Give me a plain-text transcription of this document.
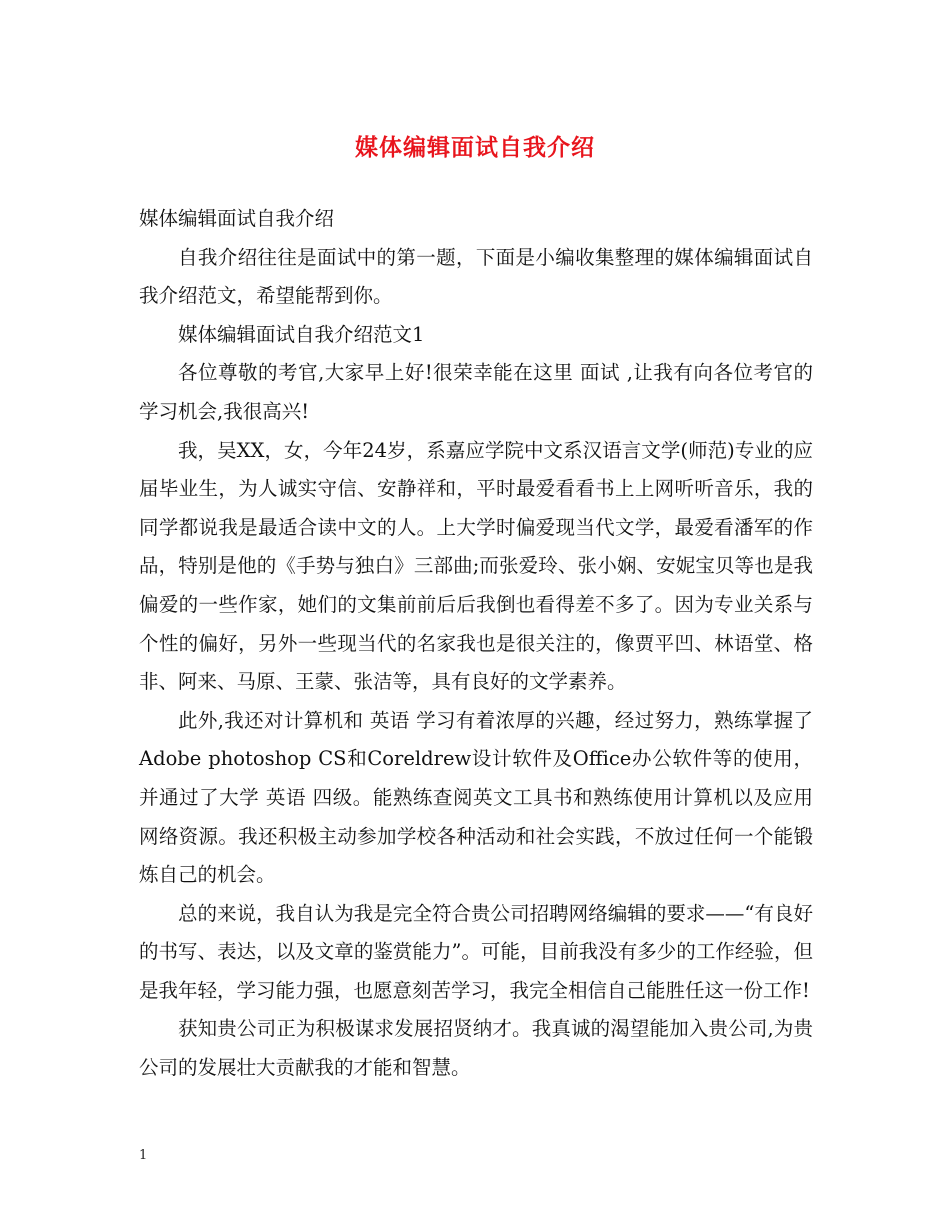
媒体编辑面试自我介绍

媒体编辑面试自我介绍

自我介绍往往是面试中的第一题，下面是小编收集整理的媒体编辑面试自我介绍范文，希望能帮到你。

媒体编辑面试自我介绍范文1

各位尊敬的考官,大家早上好!很荣幸能在这里 面试 ,让我有向各位考官的学习机会,我很高兴!

我，吴XX，女，今年24岁，系嘉应学院中文系汉语言文学(师范)专业的应届毕业生，为人诚实守信、安静祥和，平时最爱看看书上上网听听音乐，我的同学都说我是最适合读中文的人。上大学时偏爱现当代文学，最爱看潘军的作品，特别是他的《手势与独白》三部曲;而张爱玲、张小娴、安妮宝贝等也是我偏爱的一些作家，她们的文集前前后后我倒也看得差不多了。因为专业关系与个性的偏好，另外一些现当代的名家我也是很关注的，像贾平凹、林语堂、格非、阿来、马原、王蒙、张洁等，具有良好的文学素养。

此外,我还对计算机和 英语 学习有着浓厚的兴趣，经过努力，熟练掌握了Adobe photoshop CS和Coreldrew设计软件及Office办公软件等的使用，并通过了大学 英语 四级。能熟练查阅英文工具书和熟练使用计算机以及应用网络资源。我还积极主动参加学校各种活动和社会实践，不放过任何一个能锻炼自己的机会。

总的来说，我自认为我是完全符合贵公司招聘网络编辑的要求——“有良好的书写、表达，以及文章的鉴赏能力”。可能，目前我没有多少的工作经验，但是我年轻，学习能力强，也愿意刻苦学习，我完全相信自己能胜任这一份工作!

获知贵公司正为积极谋求发展招贤纳才。我真诚的渴望能加入贵公司,为贵公司的发展壮大贡献我的才能和智慧。

1
